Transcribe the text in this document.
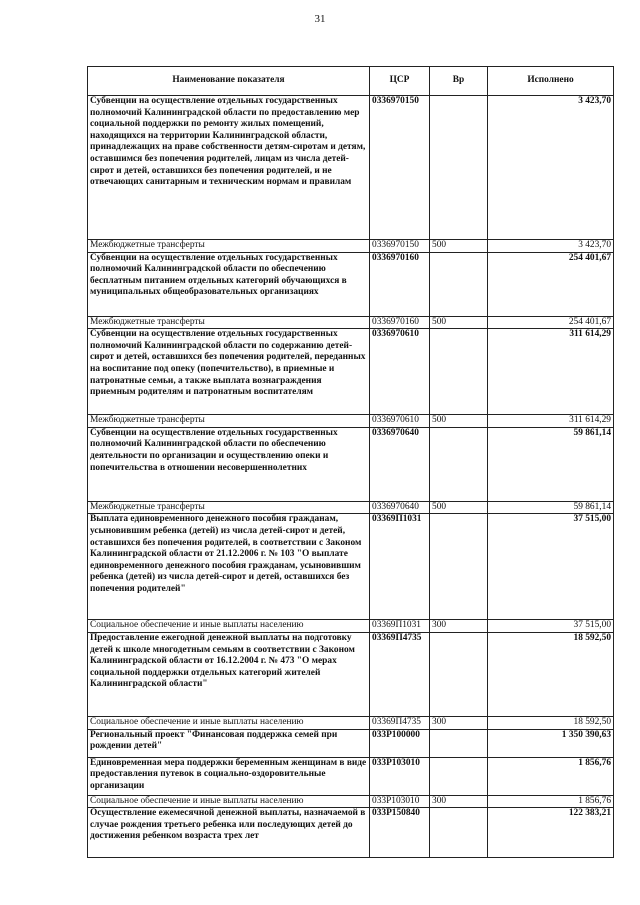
31
Наименование показателя	ЦСР	Вр	Исполнено
Субвенции на осуществление отдельных государственных полномочий Калининградской области по предоставлению мер социальной поддержки по ремонту жилых помещений, находящихся на территории Калининградской области, принадлежащих на праве собственности детям-сиротам и детям, оставшимся без попечения родителей, лицам из числа детей-сирот и детей, оставшихся без попечения родителей, и не отвечающих санитарным и техническим нормам и правилам	0336970150		3 423,70
Межбюджетные трансферты	0336970150	500	3 423,70
Субвенции на осуществление отдельных государственных полномочий Калининградской области по обеспечению бесплатным питанием отдельных категорий обучающихся в муниципальных общеобразовательных организациях	0336970160		254 401,67
Межбюджетные трансферты	0336970160	500	254 401,67
Субвенции на осуществление отдельных государственных полномочий Калининградской области по содержанию детей-сирот и детей, оставшихся без попечения родителей, переданных на воспитание под опеку (попечительство), в приемные и патронатные семьи, а также выплата вознаграждения приемным родителям и патронатным воспитателям	0336970610		311 614,29
Межбюджетные трансферты	0336970610	500	311 614,29
Субвенции на осуществление отдельных государственных полномочий Калининградской области по обеспечению деятельности по организации и осуществлению опеки и попечительства в отношении несовершеннолетних	0336970640		59 861,14
Межбюджетные трансферты	0336970640	500	59 861,14
Выплата единовременного денежного пособия гражданам, усыновившим ребенка (детей) из числа детей-сирот и детей, оставшихся без попечения родителей, в соответствии с Законом Калининградской области от 21.12.2006 г. № 103 "О выплате единовременного денежного пособия гражданам, усыновившим ребенка (детей) из числа детей-сирот и детей, оставшихся без попечения родителей"	03369П1031		37 515,00
Социальное обеспечение и иные выплаты населению	03369П1031	300	37 515,00
Предоставление ежегодной денежной выплаты на подготовку детей к школе многодетным семьям в соответствии с Законом Калининградской области от 16.12.2004 г. № 473 "О мерах социальной поддержки отдельных категорий жителей Калининградской области"	03369П4735		18 592,50
Социальное обеспечение и иные выплаты населению	03369П4735	300	18 592,50
Региональный проект "Финансовая поддержка семей при рождении детей"	033P100000		1 350 390,63
Единовременная мера поддержки беременным женщинам в виде предоставления путевок в социально-оздоровительные организации	033P103010		1 856,76
Социальное обеспечение и иные выплаты населению	033P103010	300	1 856,76
Осуществление ежемесячной денежной выплаты, назначаемой в случае рождения третьего ребенка или последующих детей до достижения ребенком возраста трех лет	033P150840		122 383,21
